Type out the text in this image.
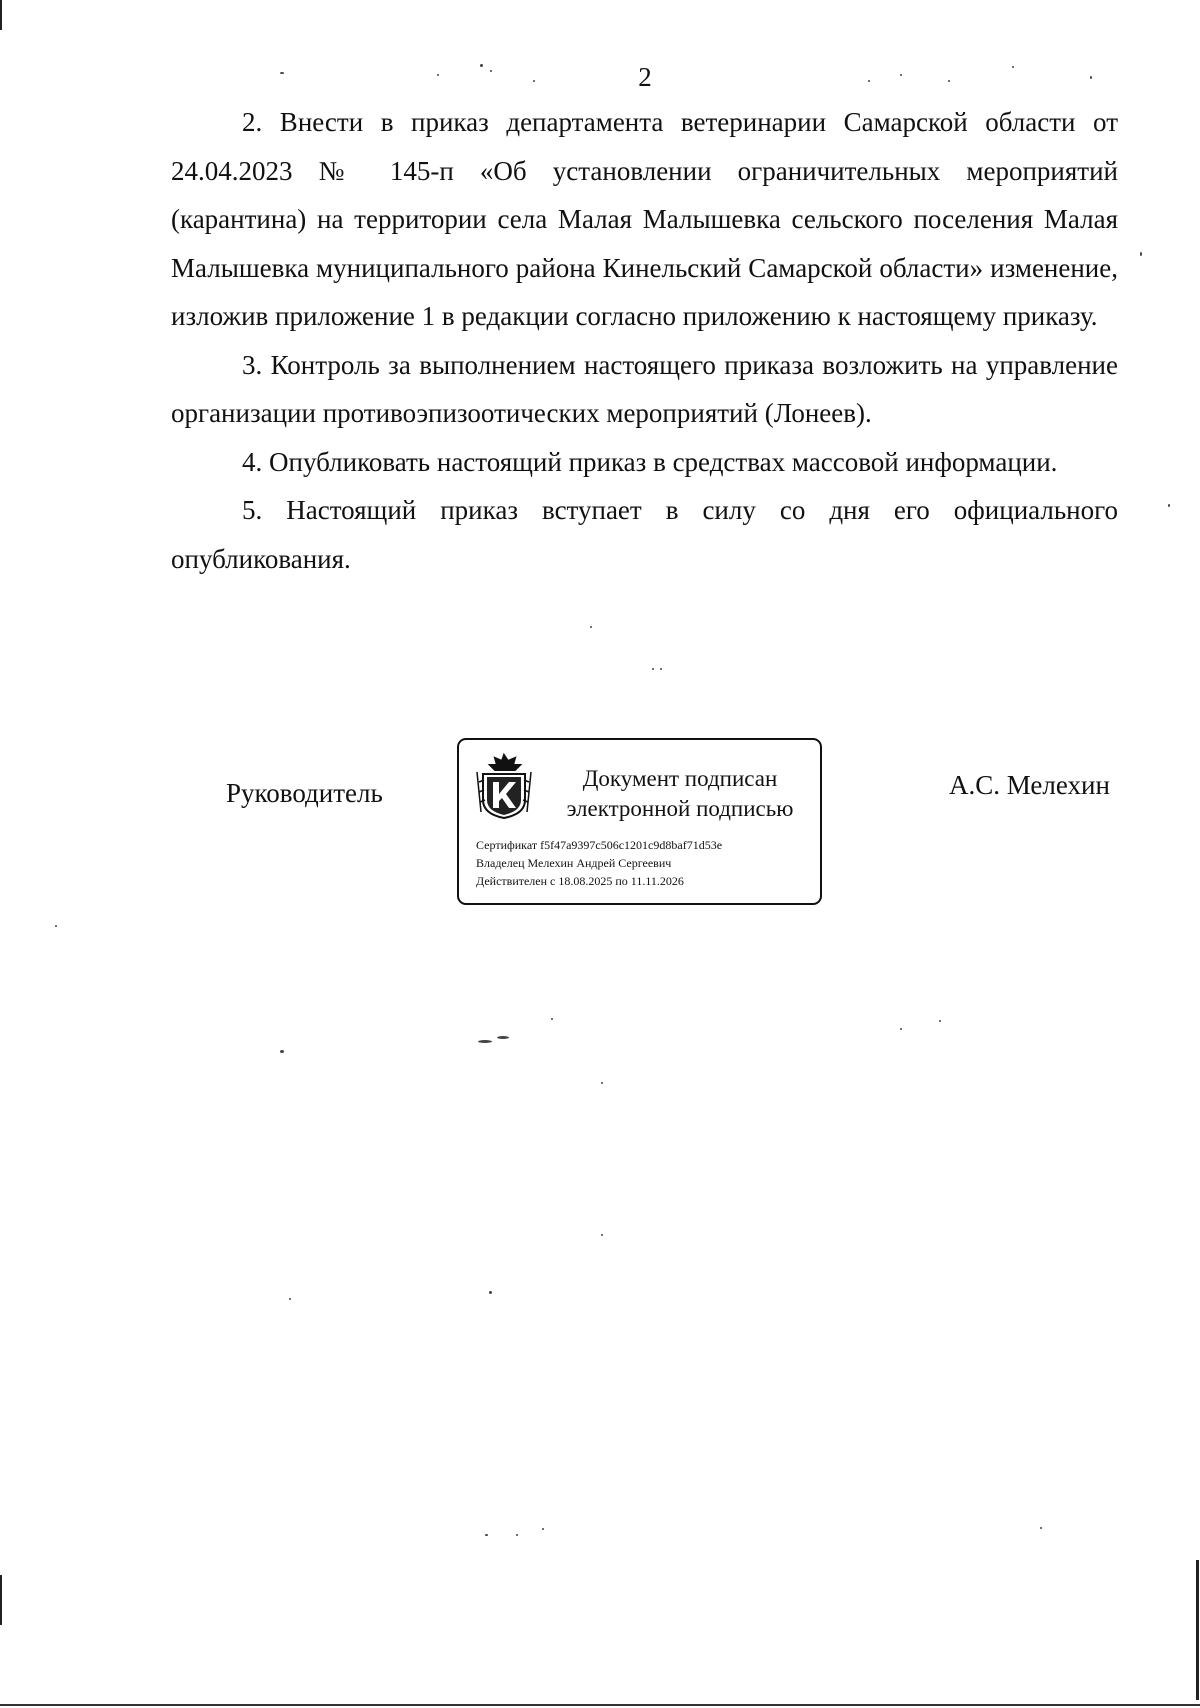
2

2. Внести в приказ департамента ветеринарии Самарской области от 24.04.2023 № 145-п «Об установлении ограничительных мероприятий (карантина) на территории села Малая Малышевка сельского поселения Малая Малышевка муниципального района Кинельский Самарской области» изменение, изложив приложение 1 в редакции согласно приложению к настоящему приказу.

3. Контроль за выполнением настоящего приказа возложить на управление организации противоэпизоотических мероприятий (Лонеев).

4. Опубликовать настоящий приказ в средствах массовой информации.

5. Настоящий приказ вступает в силу со дня его официального опубликования.

Руководитель	Документ подписан
электронной подписью
Сертификат f5f47a9397c506c1201c9d8baf71d53e
Владелец Мелехин Андрей Сергеевич
Действителен с 18.08.2025 по 11.11.2026
А.С. Мелехин
